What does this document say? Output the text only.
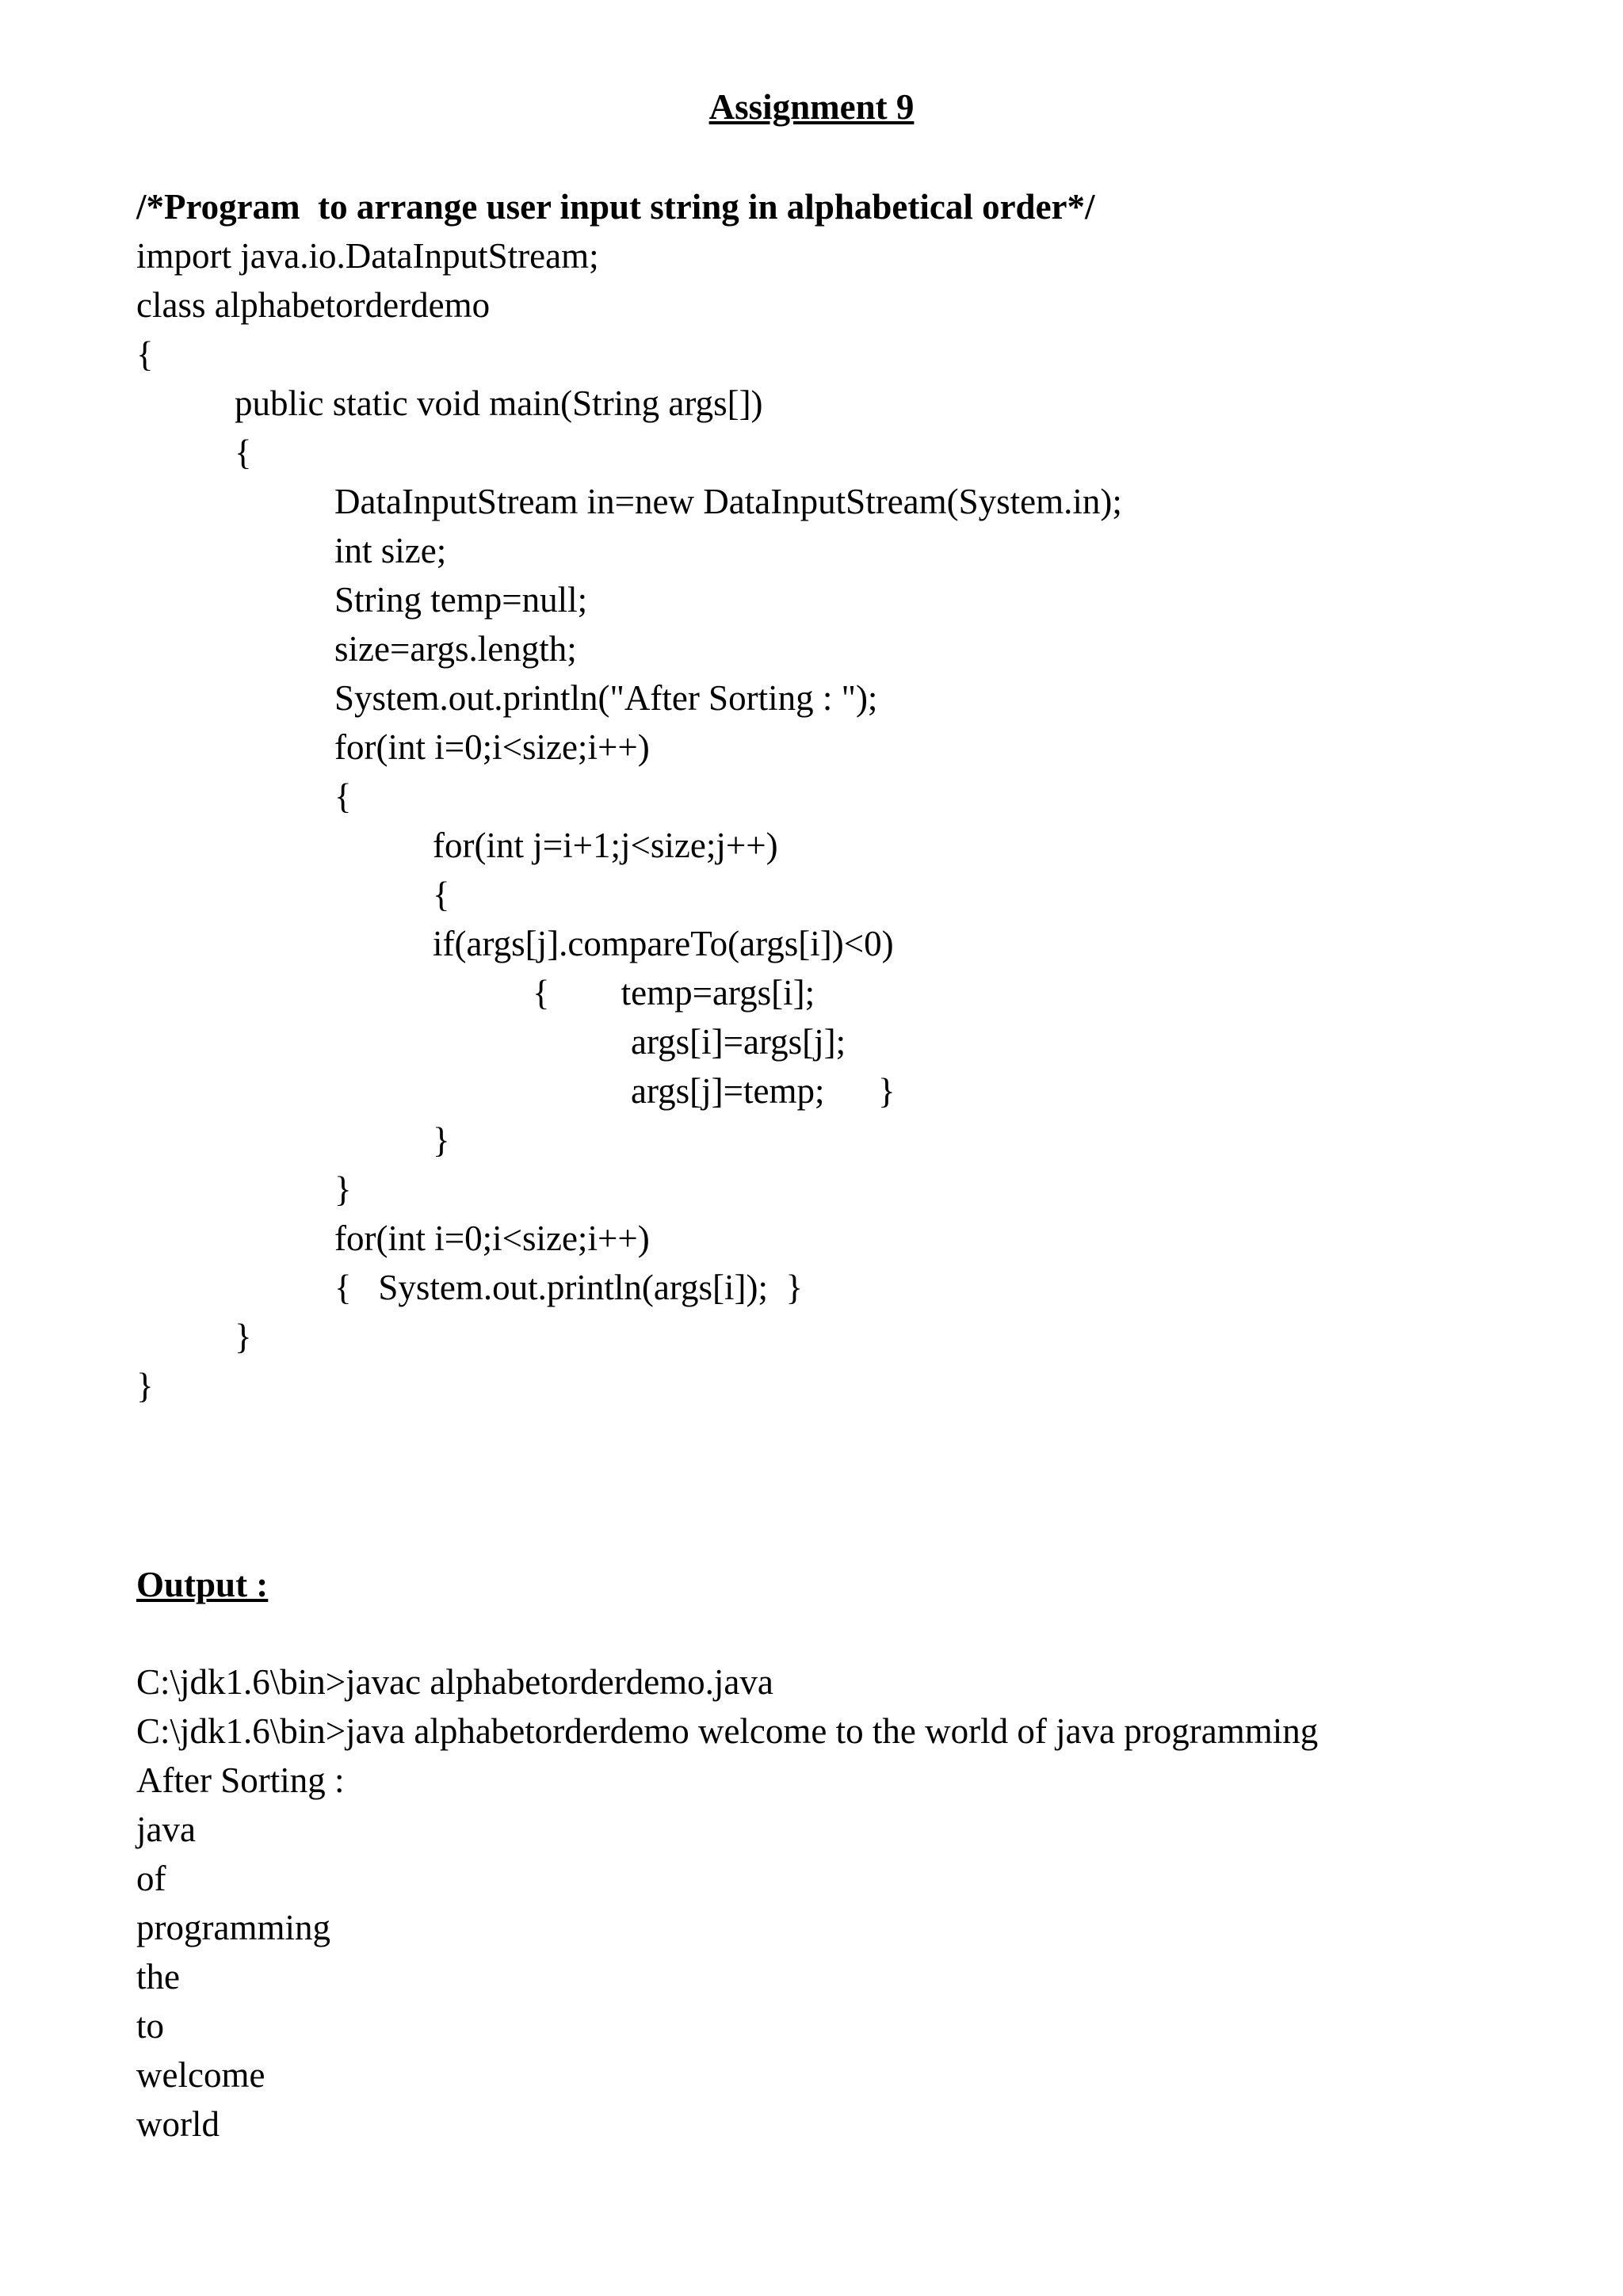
Assignment 9
/*Program  to arrange user input string in alphabetical order*/
import java.io.DataInputStream;
class alphabetorderdemo
{
public static void main(String args[])
{
DataInputStream in=new DataInputStream(System.in);
int size;
String temp=null;
size=args.length;
System.out.println("After Sorting : ");
for(int i=0;i<size;i++)
{
for(int j=i+1;j<size;j++)
{
if(args[j].compareTo(args[i])<0)
{        temp=args[i];
args[i]=args[j];
args[j]=temp;      }
}
}
for(int i=0;i<size;i++)
{   System.out.println(args[i]);  }
}
}
Output :
C:\jdk1.6\bin>javac alphabetorderdemo.java
C:\jdk1.6\bin>java alphabetorderdemo welcome to the world of java programming
After Sorting :
java
of
programming
the
to
welcome
world
